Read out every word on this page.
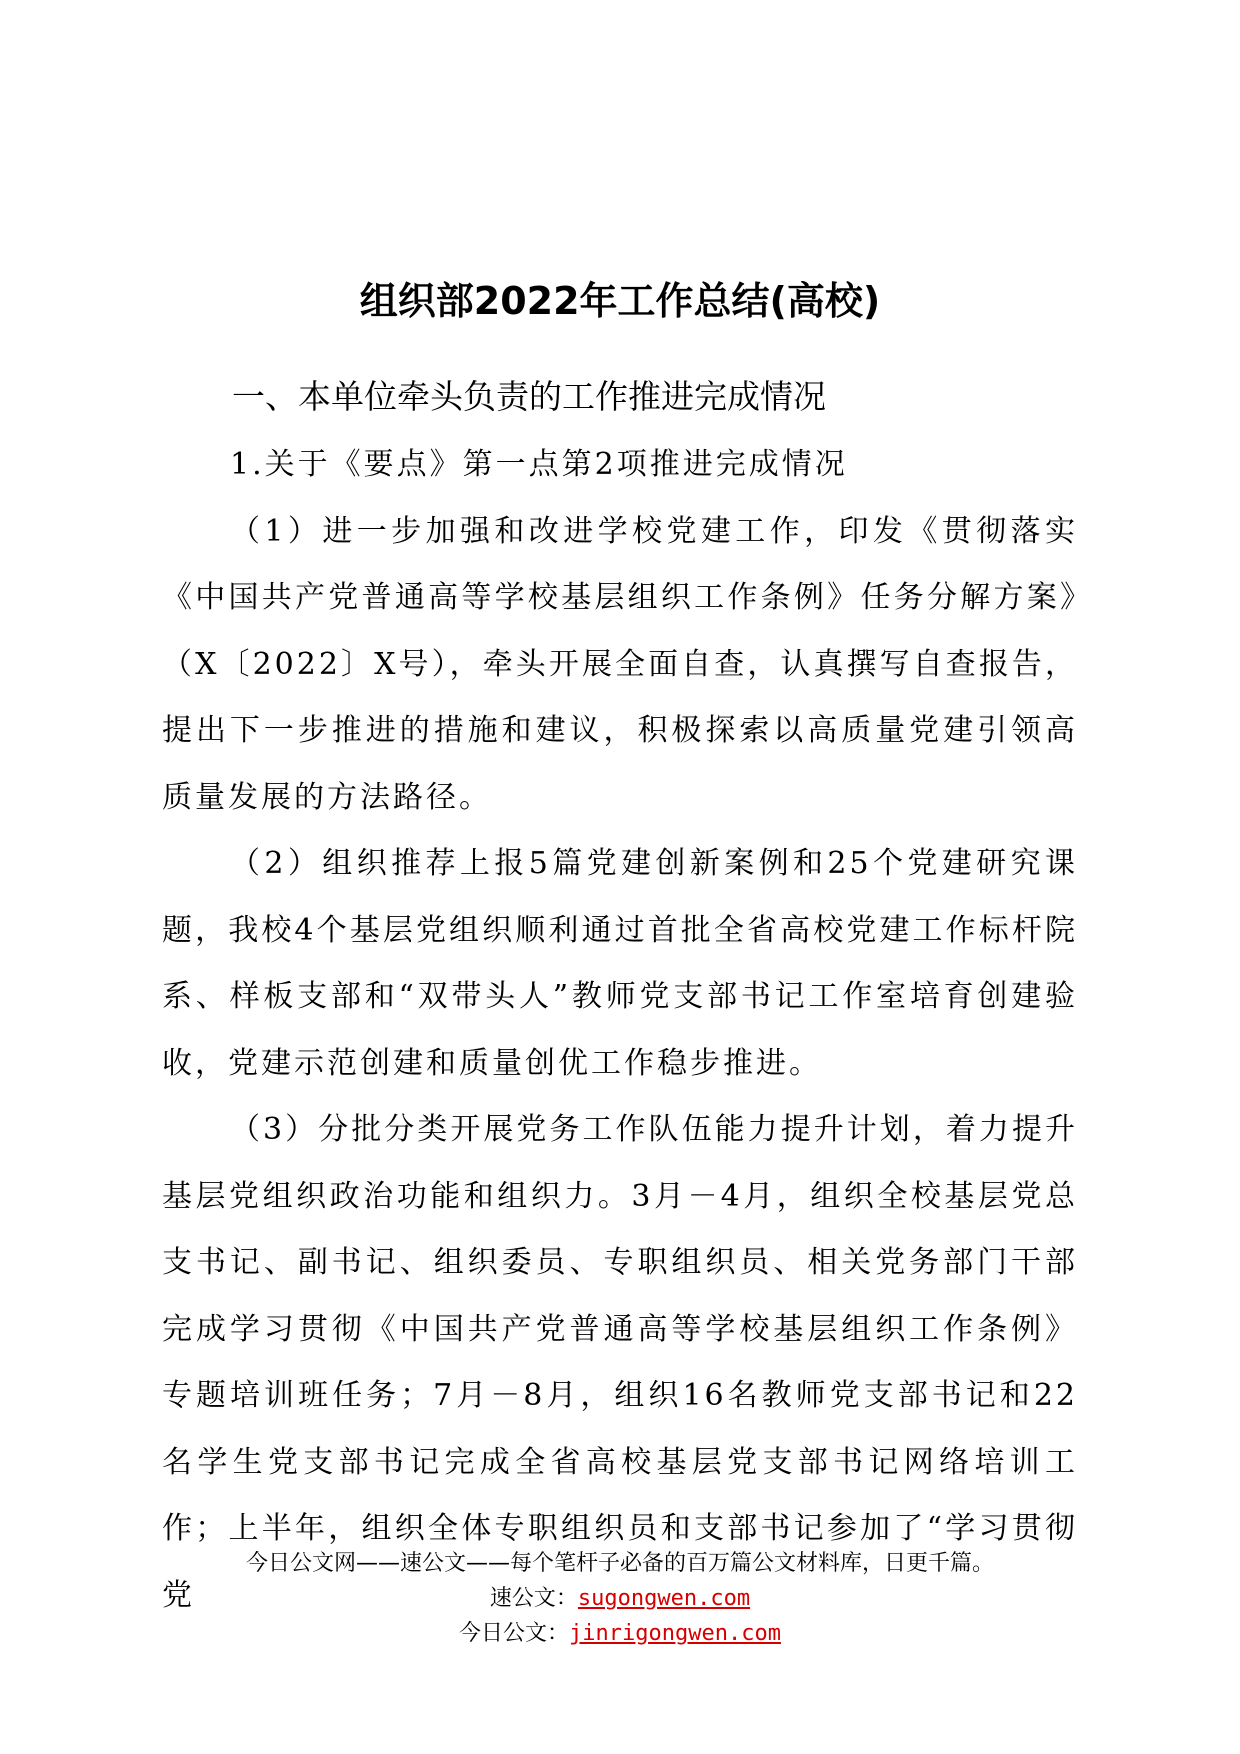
组织部2022年工作总结(高校)
一、本单位牵头负责的工作推进完成情况

1.关于《要点》第一点第2项推进完成情况

（1）进一步加强和改进学校党建工作，印发《贯彻落实《中国共产党普通高等学校基层组织工作条例》任务分解方案》（X〔2022〕X号），牵头开展全面自查，认真撰写自查报告，提出下一步推进的措施和建议，积极探索以高质量党建引领高质量发展的方法路径。

（2）组织推荐上报5篇党建创新案例和25个党建研究课题，我校4个基层党组织顺利通过首批全省高校党建工作标杆院系、样板支部和“双带头人”教师党支部书记工作室培育创建验收，党建示范创建和质量创优工作稳步推进。

（3）分批分类开展党务工作队伍能力提升计划，着力提升基层党组织政治功能和组织力。3月－4月，组织全校基层党总支书记、副书记、组织委员、专职组织员、相关党务部门干部完成学习贯彻《中国共产党普通高等学校基层组织工作条例》专题培训班任务；7月－8月，组织16名教师党支部书记和22名学生党支部书记完成全省高校基层党支部书记网络培训工作；上半年，组织全体专职组织员和支部书记参加了“学习贯彻党

今日公文网——速公文——每个笔杆子必备的百万篇公文材料库，日更千篇。
速公文：sugongwen.com
今日公文：jinrigongwen.com
